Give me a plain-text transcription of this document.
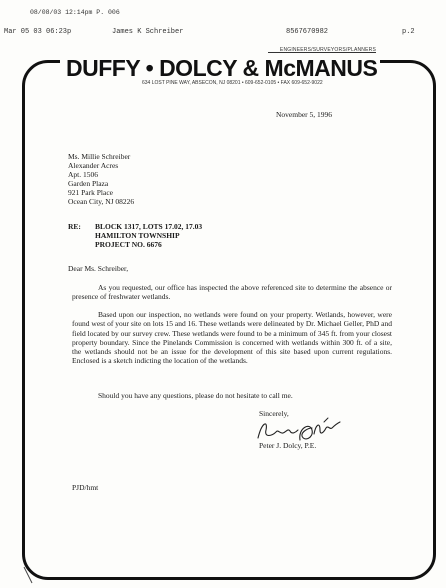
08/08/03 12:14pm P. 006
Mar 05 03 06:23p	James K Schreiber	8567670982	p.2
ENGINEERS/SURVEYORS/PLANNERS
DUFFY • DOLCY & McMANUS
634 LOST PINE WAY, ABSECON, NJ 08201 • 609-652-0105 • FAX 609-652-9022
November 5, 1996
Ms. Millie Schreiber
Alexander Acres
Apt. 1506
Garden Plaza
921 Park Place
Ocean City, NJ 08226
RE: BLOCK 1317, LOTS 17.02, 17.03
HAMILTON TOWNSHIP
PROJECT NO. 6676
Dear Ms. Schreiber,
As you requested, our office has inspected the above referenced site to determine the absence or presence of freshwater wetlands.
Based upon our inspection, no wetlands were found on your property. Wetlands, however, were found west of your site on lots 15 and 16. These wetlands were delineated by Dr. Michael Geller, PhD and field located by our survey crew. These wetlands were found to be a minimum of 345 ft. from your closest property boundary. Since the Pinelands Commission is concerned with wetlands within 300 ft. of a site, the wetlands should not be an issue for the development of this site based upon current regulations. Enclosed is a sketch indicting the location of the wetlands.
Should you have any questions, please do not hesitate to call me.
Sincerely,
Peter J. Dolcy, P.E.
PJD/hmt
